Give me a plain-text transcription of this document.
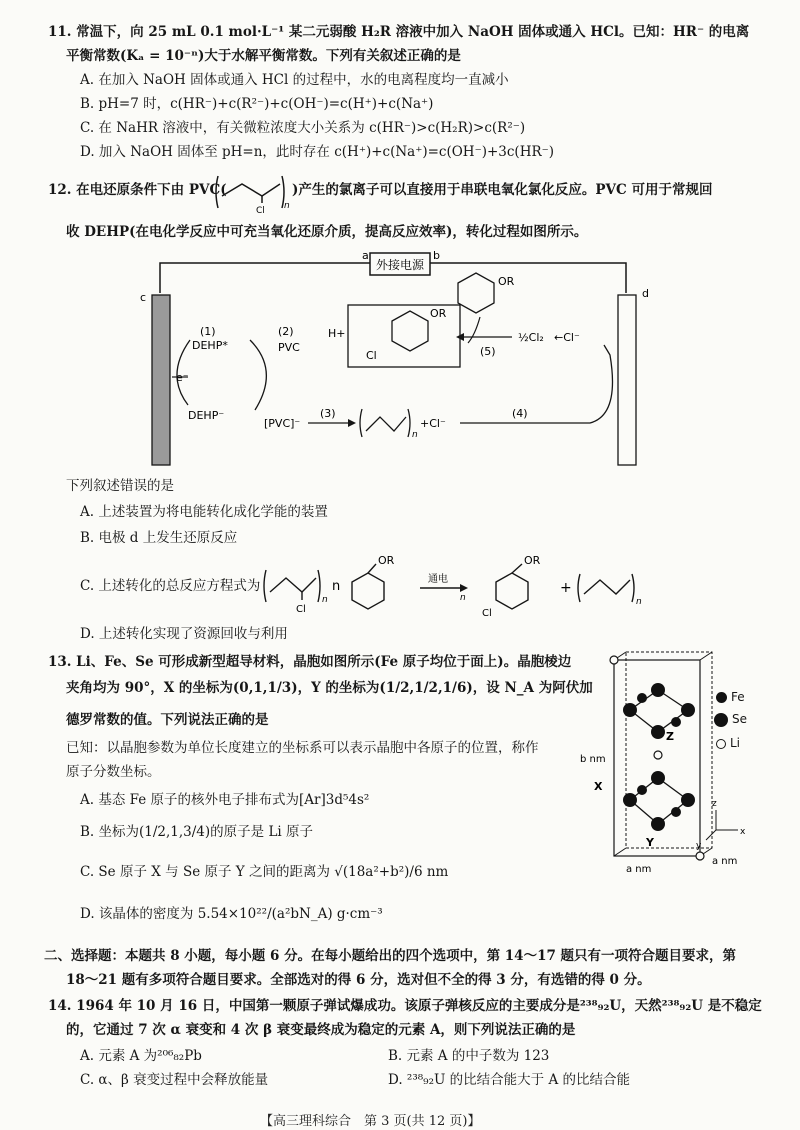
11. 常温下，向 25 mL 0.1 mol·L⁻¹ 某二元弱酸 H₂R 溶液中加入 NaOH 固体或通入 HCl。已知：HR⁻ 的电离
平衡常数(Kₐ = 10⁻ⁿ)大于水解平衡常数。下列有关叙述正确的是
A. 在加入 NaOH 固体或通入 HCl 的过程中，水的电离程度均一直减小
B. pH=7 时，c(HR⁻)+c(R²⁻)+c(OH⁻)=c(H⁺)+c(Na⁺)
C. 在 NaHR 溶液中，有关微粒浓度大小关系为 c(HR⁻)>c(H₂R)>c(R²⁻)
D. 加入 NaOH 固体至 pH=n，此时存在 c(H⁺)+c(Na⁺)=c(OH⁻)+3c(HR⁻)
12. 在电还原条件下由 PVC(
Cl n
)产生的氯离子可以直接用于串联电氧化氯化反应。PVC 可用于常规回
收 DEHP(在电化学反应中可充当氧化还原介质，提高反应效率)，转化过程如图所示。
外接电源
a	b
c	d
(1)	(2)
DEHP*	PVC
e⁻
DEHP⁻
[PVC]⁻
(3)
n
+Cl⁻
(4)
H+
OR
Cl
OR
(5)
½Cl₂ ←Cl⁻
下列叙述错误的是
A. 上述装置为将电能转化成化学能的装置
B. 电极 d 上发生还原反应
C. 上述转化的总反应方程式为
Cl
n
n
OR
通电
n
OR
Cl
+
n
D. 上述转化实现了资源回收与利用
13. Li、Fe、Se 可形成新型超导材料，晶胞如图所示(Fe 原子均位于面上)。晶胞棱边
夹角均为 90°，X 的坐标为(0,1,1/3)，Y 的坐标为(1/2,1/2,1/6)，设 N_A 为阿伏加
德罗常数的值。下列说法正确的是
已知：以晶胞参数为单位长度建立的坐标系可以表示晶胞中各原子的位置，称作
原子分数坐标。
A. 基态 Fe 原子的核外电子排布式为[Ar]3d⁵4s²
B. 坐标为(1/2,1,3/4)的原子是 Li 原子
C. Se 原子 X 与 Se 原子 Y 之间的距离为 √(18a²+b²)/6 nm
D. 该晶体的密度为 5.54×10²²/(a²bN_A) g·cm⁻³
Z
X
Y
b nm
a nm
a nm
z
x
y
Fe
Se
Li
二、选择题：本题共 8 小题，每小题 6 分。在每小题给出的四个选项中，第 14～17 题只有一项符合题目要求，第
18～21 题有多项符合题目要求。全部选对的得 6 分，选对但不全的得 3 分，有选错的得 0 分。
14. 1964 年 10 月 16 日，中国第一颗原子弹试爆成功。该原子弹核反应的主要成分是²³⁸₉₂U，天然²³⁸₉₂U 是不稳定
的，它通过 7 次 α 衰变和 4 次 β 衰变最终成为稳定的元素 A，则下列说法正确的是
A. 元素 A 为²⁰⁶₈₂Pb	B. 元素 A 的中子数为 123
C. α、β 衰变过程中会释放能量	D. ²³⁸₉₂U 的比结合能大于 A 的比结合能
【高三理科综合　第 3 页(共 12 页)】
